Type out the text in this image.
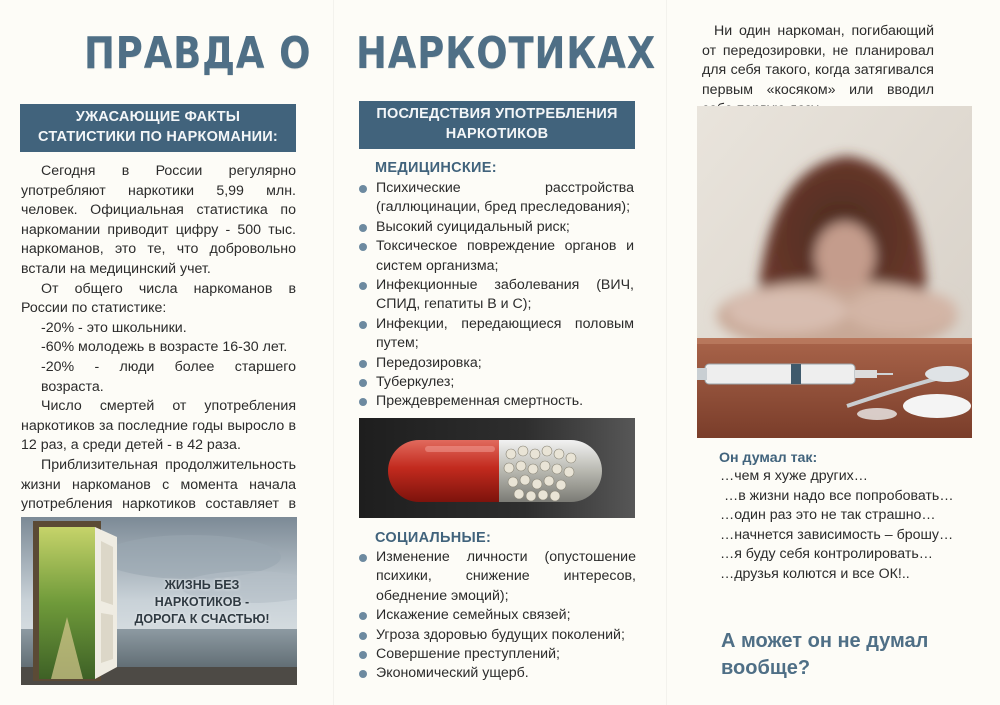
ПРАВДА О НАРКОТИКАХ
УЖАСАЮЩИЕ ФАКТЫ
СТАТИСТИКИ ПО НАРКОМАНИИ:

Сегодня в России регулярно употребляют наркотики 5,99 млн. человек. Официальная статистика по наркомании приводит цифру - 500 тыс. наркоманов, это те, что добровольно встали на медицинский учет.

От общего числа наркоманов в России по статистике:

-20% - это школьники.

-60% молодежь в возрасте 16-30 лет.

-20% - люди более старшего возраста.

Число смертей от употребления наркотиков за последние годы выросло в 12 раз, а среди детей - в 42 раза.

Приблизительная продолжительность жизни наркоманов с момента начала употребления наркотиков составляет в

ЖИЗНЬ БЕЗ НАРКОТИКОВ -
ДОРОГА К СЧАСТЬЮ!
ПОСЛЕДСТВИЯ УПОТРЕБЛЕНИЯ
НАРКОТИКОВ
МЕДИЦИНСКИЕ:
Психические расстройства (галлюцинации, бред преследования);
Высокий суицидальный риск;
Токсическое повреждение органов и систем организма;
Инфекционные заболевания (ВИЧ, СПИД, гепатиты В и С);
Инфекции, передающиеся половым путем;
Передозировка;
Туберкулез;
Преждевременная смертность.
СОЦИАЛЬНЫЕ:
Изменение личности (опустошение психики, снижение интересов, обеднение эмоций);
Искажение семейных связей;
Угроза здоровью будущих поколений;
Совершение преступлений;
Экономический ущерб.
Ни один наркоман, погибающий от передозировки, не планировал для себя такого, когда затягивался первым «косяком» или вводил
Он думал так:
…чем я хуже других…
…в жизни надо все попробовать…
…один раз это не так страшно…
…начнется зависимость – брошу…
…я буду себя контролировать…
…друзья колются и все ОК!..
А может он не думал
вообще?
